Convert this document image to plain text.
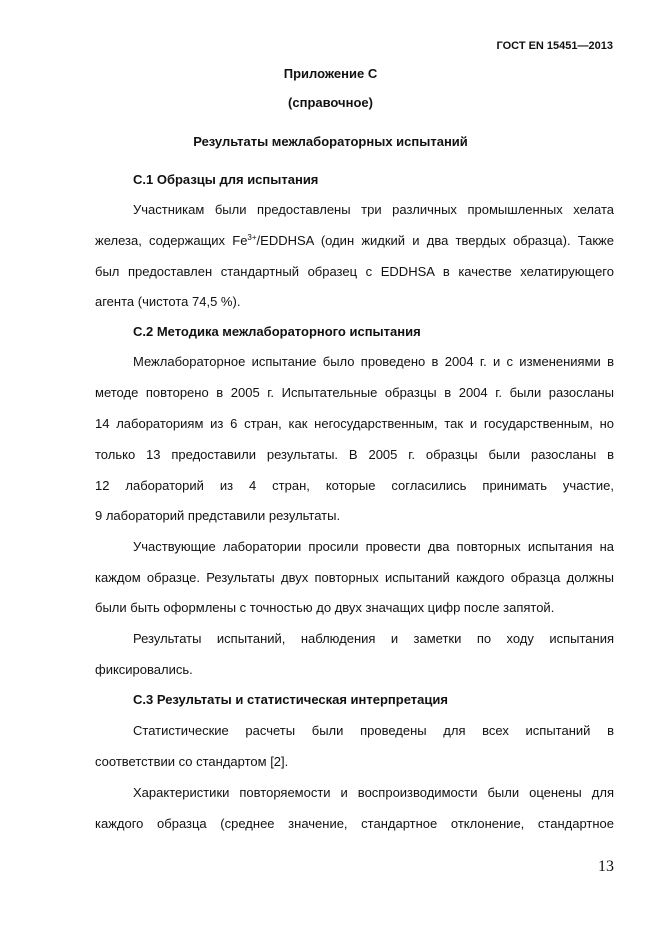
ГОСТ EN 15451—2013
Приложение С
(справочное)
Результаты межлабораторных испытаний
С.1 Образцы для испытания
Участникам были предоставлены три различных промышленных хелата
железа, содержащих $Fe^{3+}$/EDDHSA (один жидкий и два твердых образца). Также
был предоставлен стандартный образец с EDDHSA в качестве хелатирующего
агента (чистота 74,5 %).
С.2 Методика межлабораторного испытания
Межлабораторное испытание было проведено в 2004 г. и с изменениями в
методе повторено в 2005 г. Испытательные образцы в 2004 г. были разосланы
14 лабораториям из 6 стран, как негосударственным, так и государственным, но
только 13 предоставили результаты. В 2005 г. образцы были разосланы в
12 лабораторий из 4 стран, которые согласились принимать участие,
9 лабораторий представили результаты.
Участвующие лаборатории просили провести два повторных испытания на
каждом образце. Результаты двух повторных испытаний каждого образца должны
были быть оформлены с точностью до двух значащих цифр после запятой.
Результаты испытаний, наблюдения и заметки по ходу испытания
фиксировались.
С.3 Результаты и статистическая интерпретация
Статистические расчеты были проведены для всех испытаний в
соответствии со стандартом [2].
Характеристики повторяемости и воспроизводимости были оценены для
каждого образца (среднее значение, стандартное отклонение, стандартное
13
